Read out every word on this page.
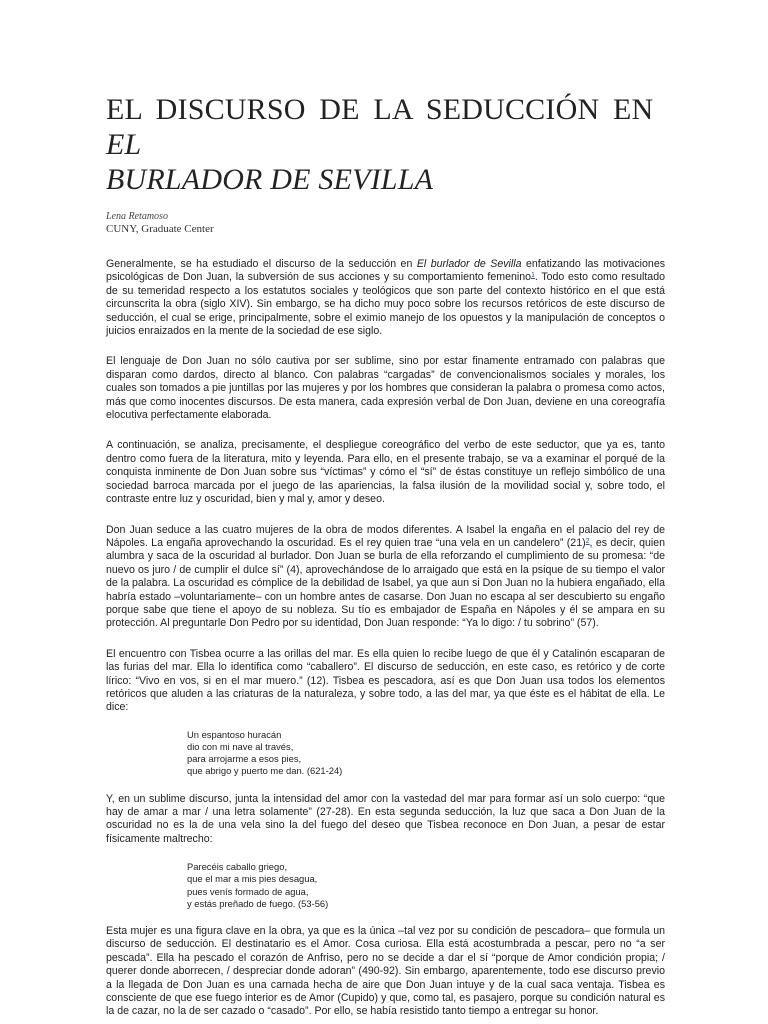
EL DISCURSO DE LA SEDUCCIÓN EN EL
BURLADOR DE SEVILLA
Lena Retamoso
CUNY, Graduate Center

Generalmente, se ha estudiado el discurso de la seducción en El burlador de Sevilla enfatizando las motivaciones psicológicas de Don Juan, la subversión de sus acciones y su comportamiento femenino$^1$. Todo esto como resultado de su temeridad respecto a los estatutos sociales y teológicos que son parte del contexto histórico en el que está circunscrita la obra (siglo XIV). Sin embargo, se ha dicho muy poco sobre los recursos retóricos de este discurso de seducción, el cual se erige, principalmente, sobre el eximio manejo de los opuestos y la manipulación de conceptos o juicios enraizados en la mente de la sociedad de ese siglo.

El lenguaje de Don Juan no sólo cautiva por ser sublime, sino por estar finamente entramado con palabras que disparan como dardos, directo al blanco. Con palabras “cargadas” de convencionalismos sociales y morales, los cuales son tomados a pie juntillas por las mujeres y por los hombres que consideran la palabra o promesa como actos, más que como inocentes discursos. De esta manera, cada expresión verbal de Don Juan, deviene en una coreografía elocutiva perfectamente elaborada.

A continuación, se analiza, precisamente, el despliegue coreográfico del verbo de este seductor, que ya es, tanto dentro como fuera de la literatura, mito y leyenda. Para ello, en el presente trabajo, se va a examinar el porqué de la conquista inminente de Don Juan sobre sus “víctimas” y cómo el “sí” de éstas constituye un reflejo simbólico de una sociedad barroca marcada por el juego de las apariencias, la falsa ilusión de la movilidad social y, sobre todo, el contraste entre luz y oscuridad, bien y mal y, amor y deseo.

Don Juan seduce a las cuatro mujeres de la obra de modos diferentes. A Isabel la engaña en el palacio del rey de Nápoles. La engaña aprovechando la oscuridad. Es el rey quien trae “una vela en un candelero” $(21)^2$, es decir, quien alumbra y saca de la oscuridad al burlador. Don Juan se burla de ella reforzando el cumplimiento de su promesa: “de nuevo os juro / de cumplir el dulce sí” (4), aprovechándose de lo arraigado que está en la psique de su tiempo el valor de la palabra. La oscuridad es cómplice de la debilidad de Isabel, ya que aun si Don Juan no la hubiera engañado, ella habría estado –voluntariamente– con un hombre antes de casarse. Don Juan no escapa al ser descubierto su engaño porque sabe que tiene el apoyo de su nobleza. Su tío es embajador de España en Nápoles y él se ampara en su protección. Al preguntarle Don Pedro por su identidad, Don Juan responde: “Ya lo digo: / tu sobrino” (57).

El encuentro con Tisbea ocurre a las orillas del mar. Es ella quien lo recibe luego de que él y Catalinón escaparan de las furias del mar. Ella lo identifica como “caballero”. El discurso de seducción, en este caso, es retórico y de corte lírico: “Vivo en vos, si en el mar muero.” (12). Tisbea es pescadora, así es que Don Juan usa todos los elementos retóricos que aluden a las criaturas de la naturaleza, y sobre todo, a las del mar, ya que éste es el hábitat de ella. Le dice:

Un espantoso huracán
dio con mi nave al través,
para arrojarme a esos pies,
que abrigo y puerto me dan. (621-24)

Y, en un sublime discurso, junta la intensidad del amor con la vastedad del mar para formar así un solo cuerpo: “que hay de amar a mar / una letra solamente” (27-28). En esta segunda seducción, la luz que saca a Don Juan de la oscuridad no es la de una vela sino la del fuego del deseo que Tisbea reconoce en Don Juan, a pesar de estar físicamente maltrecho:

Parecéis caballo griego,
que el mar a mis pies desagua,
pues venís formado de agua,
y estás preñado de fuego. (53-56)

Esta mujer es una figura clave en la obra, ya que es la única –tal vez por su condición de pescadora– que formula un discurso de seducción. El destinatario es el Amor. Cosa curiosa. Ella está acostumbrada a pescar, pero no “a ser pescada”. Ella ha pescado el corazón de Anfriso, pero no se decide a dar el sí “porque de Amor condición propia; / querer donde aborrecen, / despreciar donde adoran” (490-92). Sin embargo, aparentemente, todo ese discurso previo a la llegada de Don Juan es una carnada hecha de aire que Don Juan intuye y de la cual saca ventaja. Tisbea es consciente de que ese fuego interior es de Amor (Cupido) y que, como tal, es pasajero, porque su condición natural es la de cazar, no la de ser cazado o “casado”. Por ello, se había resistido tanto tiempo a entregar su honor.
